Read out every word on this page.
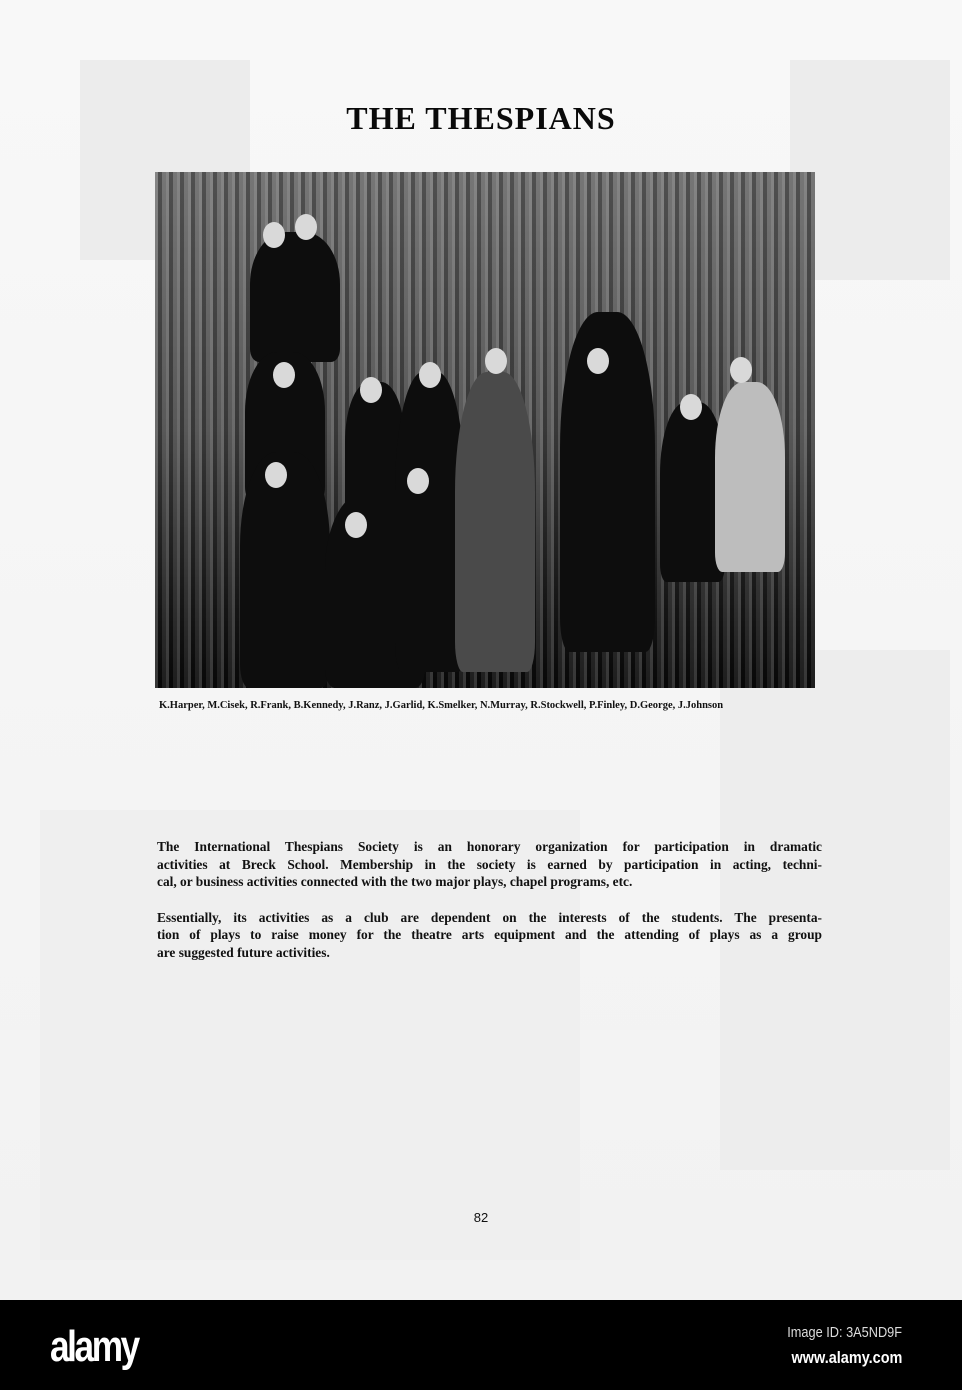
THE THESPIANS
K.Harper, M.Cisek, R.Frank, B.Kennedy, J.Ranz, J.Garlid, K.Smelker, N.Murray, R.Stockwell, P.Finley, D.George, J.Johnson
The International Thespians Society is an honorary organization for participation in dramatic
activities at Breck School. Membership in the society is earned by participation in acting, techni-
cal, or business activities connected with the two major plays, chapel programs, etc.
Essentially, its activities as a club are dependent on the interests of the students. The presenta-
tion of plays to raise money for the theatre arts equipment and the attending of plays as a group
are suggested future activities.
82
alamy	Image ID: 3A5ND9F
www.alamy.com
